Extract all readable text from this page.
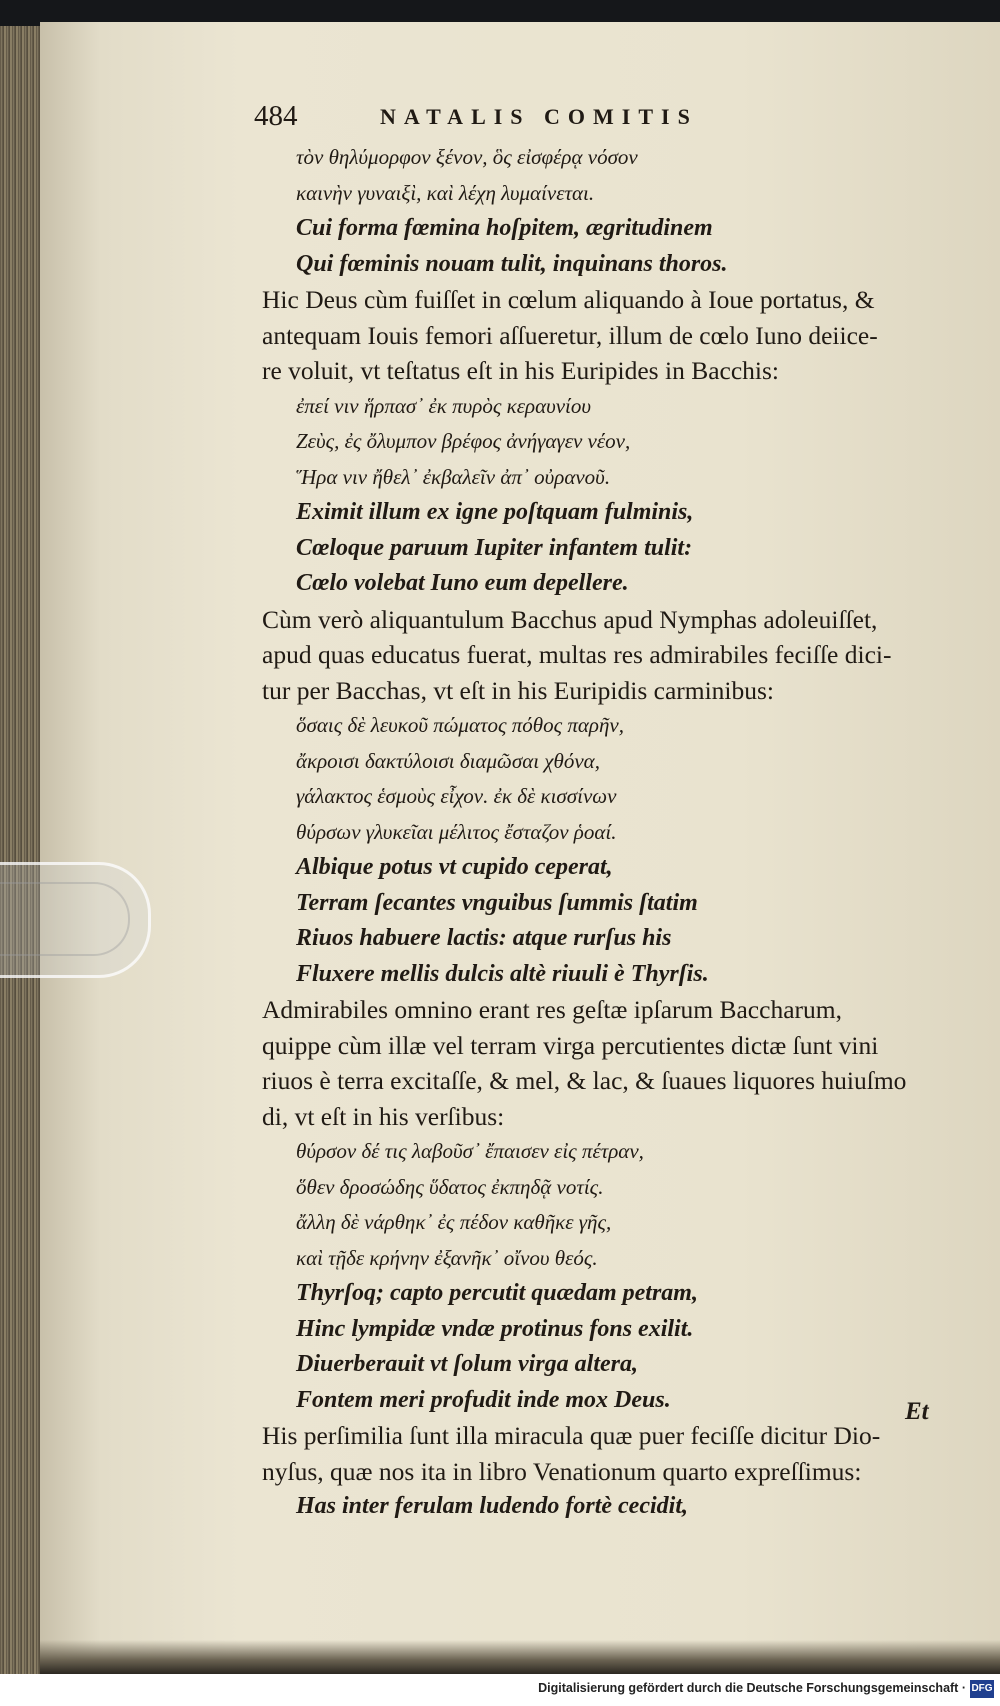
484	NATALIS COMITIS
τὸν θηλύμορφον ξένον, ὃς εἰσφέρᾳ νόσον
καινὴν γυναιξὶ, καὶ λέχη λυμαίνεται.
Cui forma fœmina hoſpitem, ægritudinem
Qui fœminis nouam tulit, inquinans thoros.
Hic Deus cùm fuiſſet in cœlum aliquando à Ioue portatus, &
antequam Iouis femori aſſueretur, illum de cœlo Iuno deiice-
re voluit, vt teſtatus eſt in his Euripides in Bacchis:
ἐπεί νιν ἥρπασ᾽ ἐκ πυρὸς κεραυνίου
Ζεὺς, ἐς ὄλυμπον βρέφος ἀνήγαγεν νέον,
Ἥρα νιν ἤθελ᾽ ἐκβαλεῖν ἀπ᾽ οὐρανοῦ.
Eximit illum ex igne poſtquam fulminis,
Cœloque paruum Iupiter infantem tulit:
Cœlo volebat Iuno eum depellere.
Cùm verò aliquantulum Bacchus apud Nymphas adoleuiſſet,
apud quas educatus fuerat, multas res admirabiles feciſſe dici-
tur per Bacchas, vt eſt in his Euripidis carminibus:
ὅσαις δὲ λευκοῦ πώματος πόθος παρῆν,
ἄκροισι δακτύλοισι διαμῶσαι χθόνα,
γάλακτος ἑσμοὺς εἶχον. ἐκ δὲ κισσίνων
θύρσων γλυκεῖαι μέλιτος ἔσταζον ῥοαί.
Albique potus vt cupido ceperat,
Terram ſecantes vnguibus ſummis ſtatim
Riuos habuere lactis: atque rurſus his
Fluxere mellis dulcis altè riuuli è Thyrſis.
Admirabiles omnino erant res geſtæ ipſarum Baccharum,
quippe cùm illæ vel terram virga percutientes dictæ ſunt vini
riuos è terra excitaſſe, & mel, & lac, & ſuaues liquores huiuſmo
di, vt eſt in his verſibus:
θύρσον δέ τις λαβοῦσ᾽ ἔπαισεν εἰς πέτραν,
ὅθεν δροσώδης ὕδατος ἐκπηδᾷ νοτίς.
ἄλλη δὲ νάρθηκ᾽ ἐς πέδον καθῆκε γῆς,
καὶ τῇδε κρήνην ἐξανῆκ᾽ οἴνου θεός.
Thyrſoq; capto percutit quædam petram,
Hinc lympidæ vndæ protinus fons exilit.
Diuerberauit vt ſolum virga altera,
Fontem meri profudit inde mox Deus.
His perſimilia ſunt illa miracula quæ puer feciſſe dicitur Dio-
nyſus, quæ nos ita in libro Venationum quarto expreſſimus:
Has inter ferulam ludendo fortè cecidit,
Et
Digitalisierung gefördert durch die Deutsche Forschungsgemeinschaft · DFG
